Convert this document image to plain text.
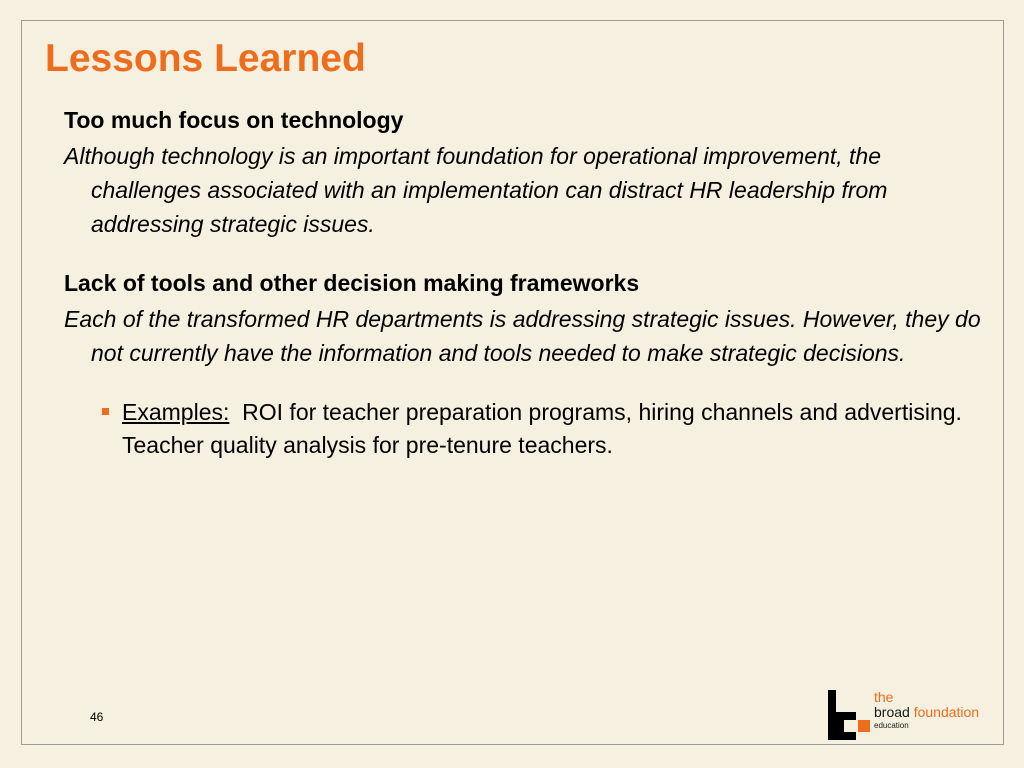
Lessons Learned

Too much focus on technology

Although technology is an important foundation for operational improvement, the challenges associated with an implementation can distract HR leadership from addressing strategic issues.

Lack of tools and other decision making frameworks

Each of the transformed HR departments is addressing strategic issues. However, they do not currently have the information and tools needed to make strategic decisions.

Examples:  ROI for teacher preparation programs, hiring channels and advertising.  Teacher quality analysis for pre-tenure teachers.
46
the
broad foundation
education
